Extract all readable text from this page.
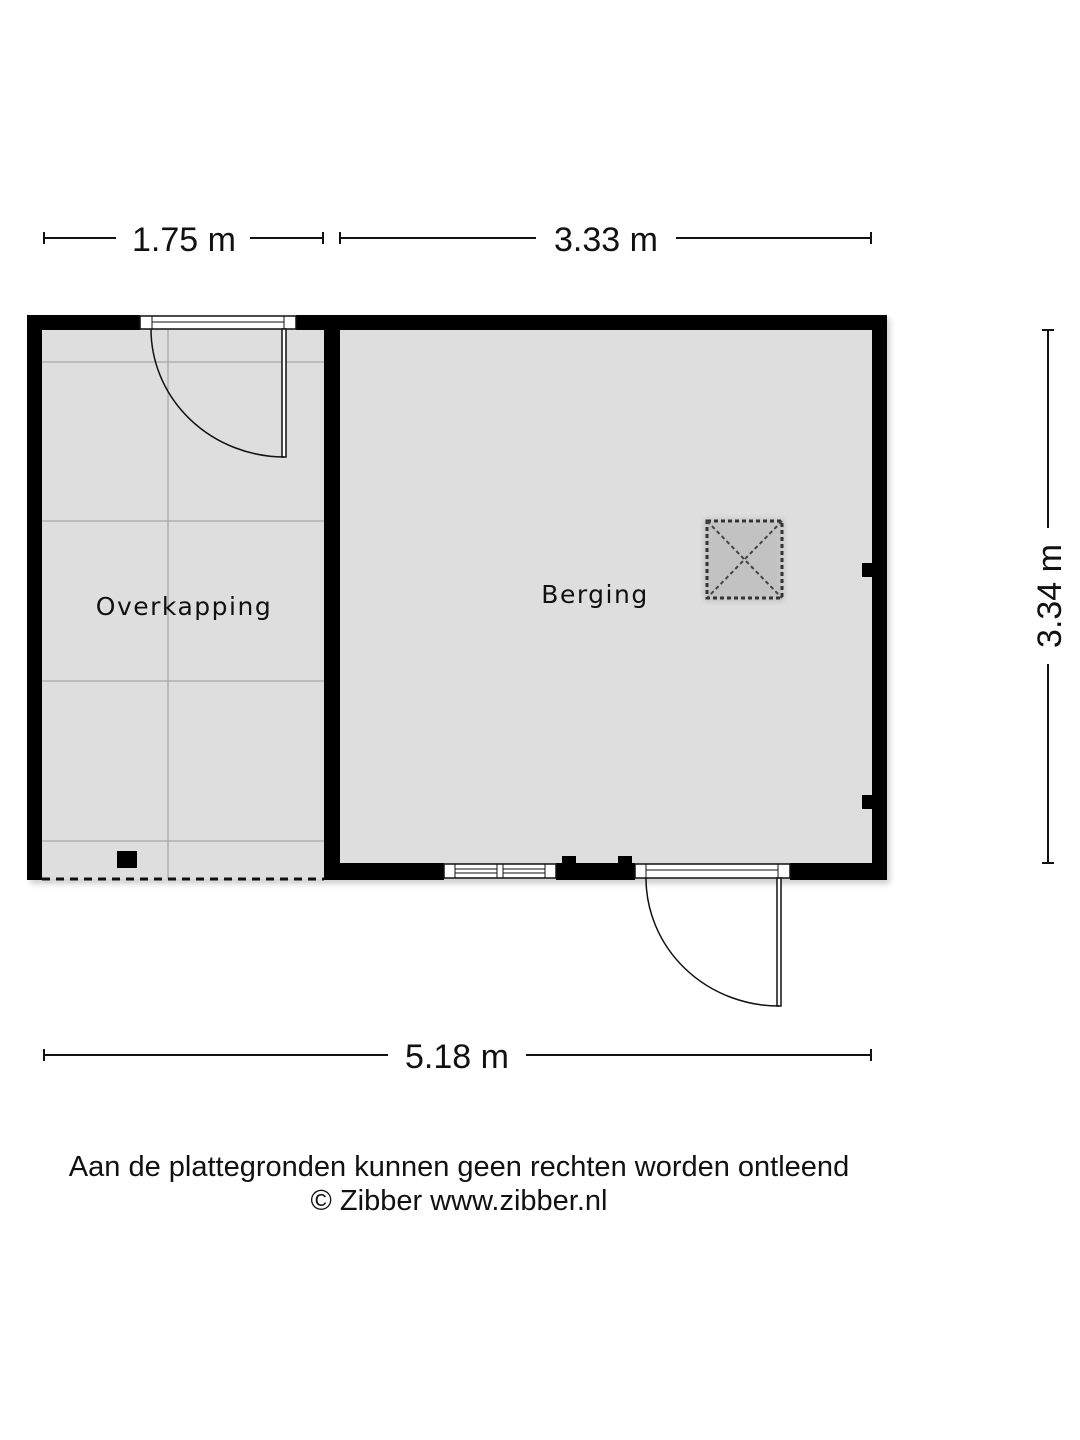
1.75 m	3.33 m
3.34 m
5.18 m
Overkapping	Berging
Aan de plattegronden kunnen geen rechten worden ontleend
© Zibber www.zibber.nl
